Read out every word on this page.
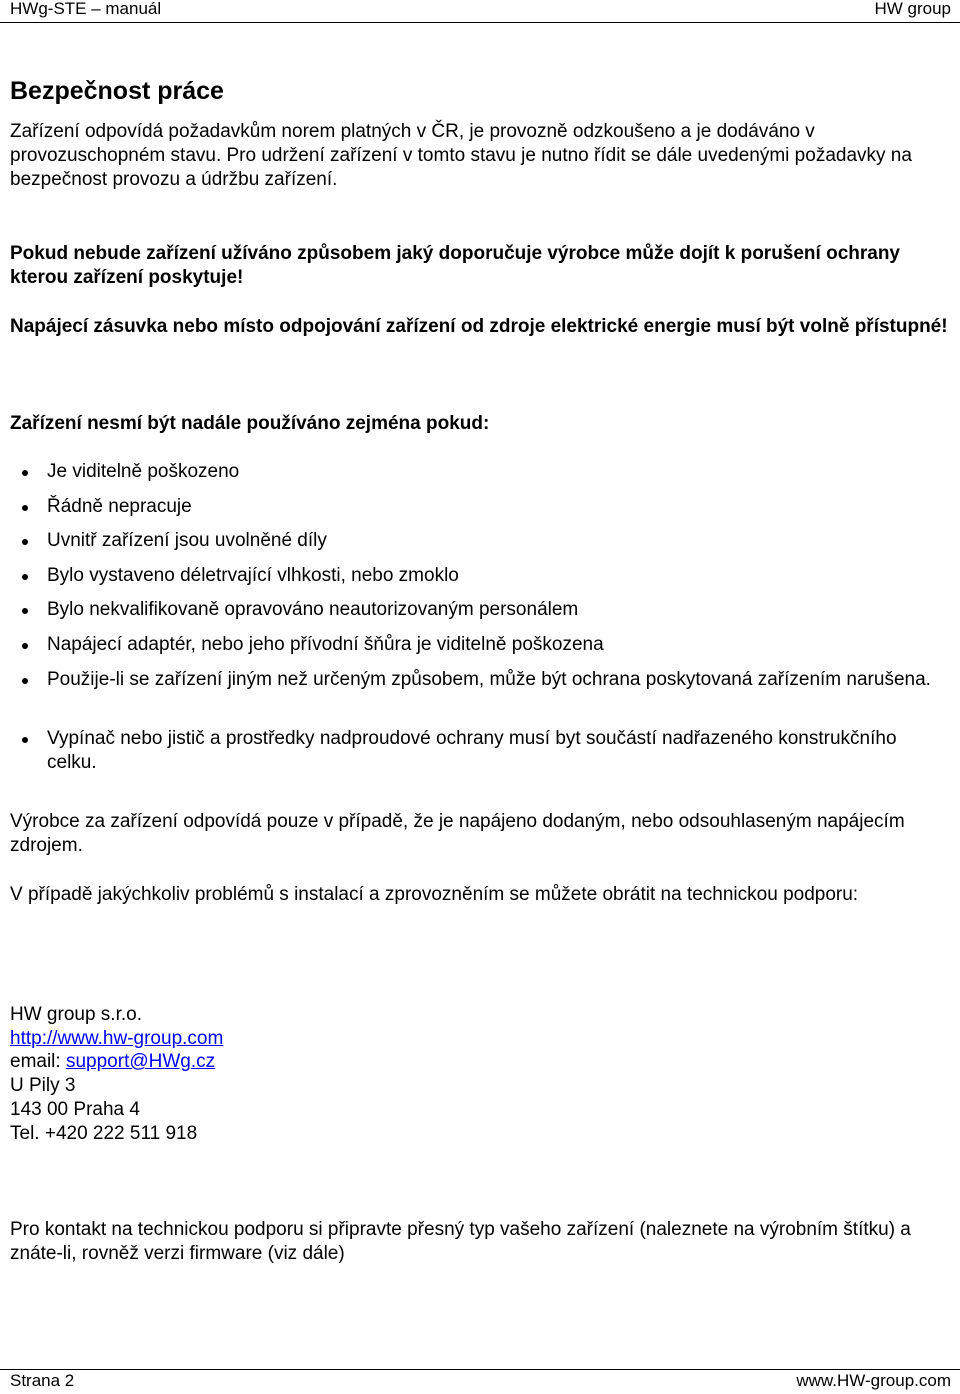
HWg-STE – manuál	HW group
Bezpečnost práce

Zařízení odpovídá požadavkům norem platných v ČR, je provozně odzkoušeno a je dodáváno v provozuschopném stavu. Pro udržení zařízení v tomto stavu je nutno řídit se dále uvedenými požadavky na bezpečnost provozu a údržbu zařízení.

Pokud nebude zařízení užíváno způsobem jaký doporučuje výrobce může dojít k porušení ochrany kterou zařízení poskytuje!

Napájecí zásuvka nebo místo odpojování zařízení od zdroje elektrické energie musí být volně přístupné!

Zařízení nesmí být nadále používáno zejména pokud:

Je viditelně poškozeno
Řádně nepracuje
Uvnitř zařízení jsou uvolněné díly
Bylo vystaveno déletrvající vlhkosti, nebo zmoklo
Bylo nekvalifikovaně opravováno neautorizovaným personálem
Napájecí adaptér, nebo jeho přívodní šňůra je viditelně poškozena
Použije-li se zařízení jiným než určeným způsobem, může být ochrana poskytovaná zařízením narušena.
Vypínač nebo jistič a prostředky nadproudové ochrany musí byt součástí nadřazeného konstrukčního celku.

Výrobce za zařízení odpovídá pouze v případě, že je napájeno dodaným, nebo odsouhlaseným napájecím zdrojem.

V případě jakýchkoliv problémů s instalací a zprovozněním se můžete obrátit na technickou podporu:

HW group s.r.o.
http://www.hw-group.com
email: support@HWg.cz
U Pily 3
143 00 Praha 4
Tel. +420 222 511 918

Pro kontakt na technickou podporu si připravte přesný typ vašeho zařízení (naleznete na výrobním štítku) a znáte-li, rovněž verzi firmware (viz dále)

Strana 2	www.HW-group.com
